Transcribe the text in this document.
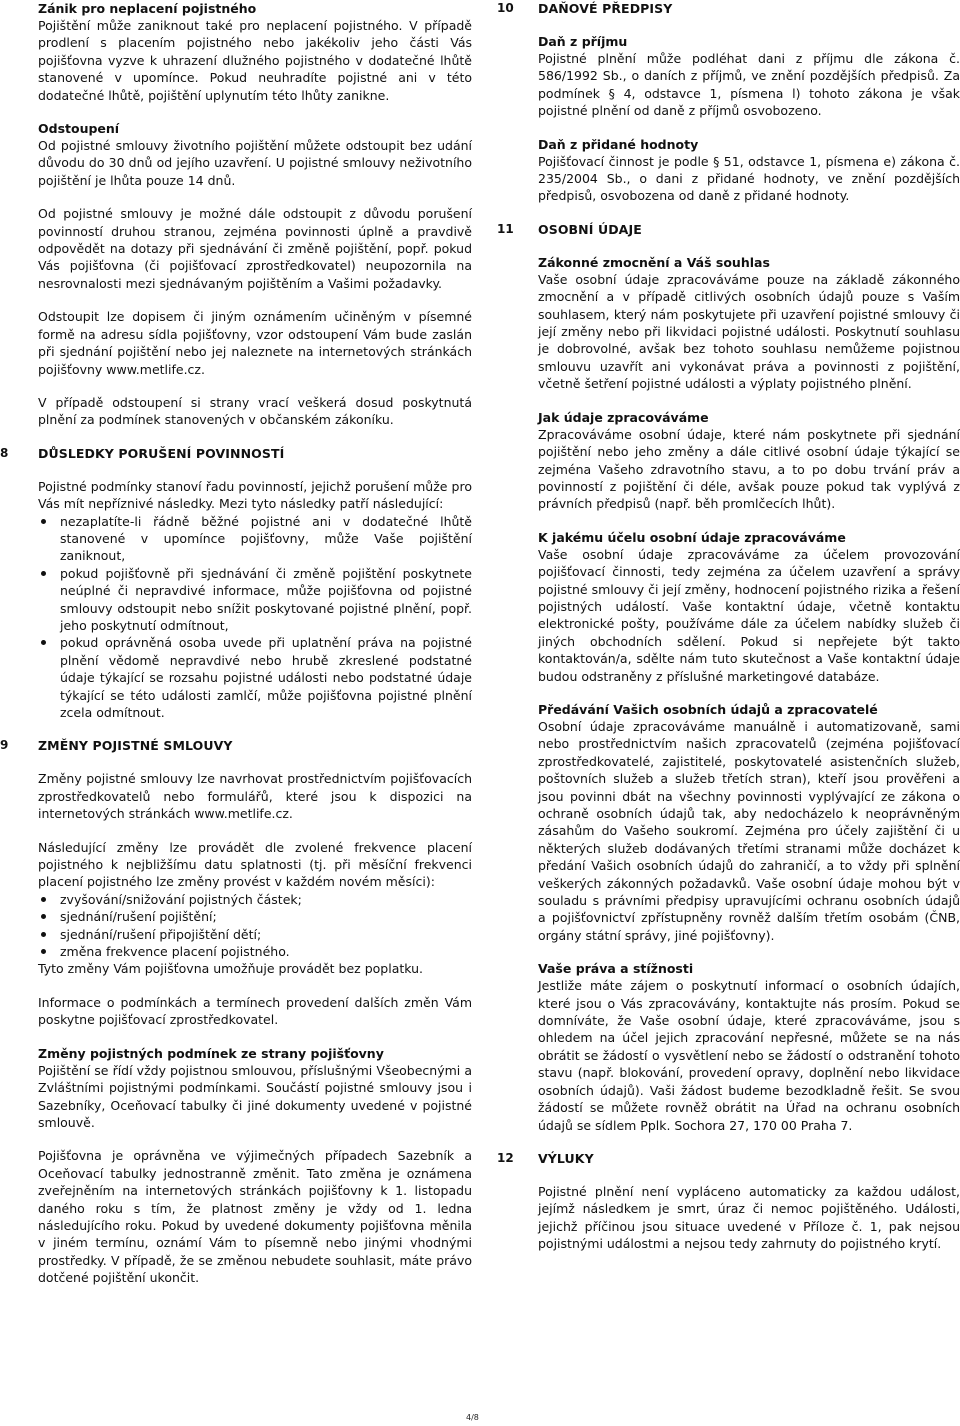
Zánik pro neplacení pojistného

Pojištění může zaniknout také pro neplacení pojistného. V případě prodlení s placením pojistného nebo jakékoliv jeho části Vás pojišťovna vyzve k uhrazení dlužného pojistného v dodatečné lhůtě stanovené v upomínce. Pokud neuhradíte pojistné ani v této dodatečné lhůtě, pojištění uplynutím této lhůty zanikne.

Odstoupení

Od pojistné smlouvy životního pojištění můžete odstoupit bez udání důvodu do 30 dnů od jejího uzavření. U pojistné smlouvy neživotního pojištění je lhůta pouze 14 dnů.

Od pojistné smlouvy je možné dále odstoupit z důvodu porušení povinností druhou stranou, zejména povinnosti úplně a pravdivě odpovědět na dotazy při sjednávání či změně pojištění, popř. pokud Vás pojišťovna (či pojišťovací zprostředkovatel) neupozornila na nesrovnalosti mezi sjednávaným pojištěním a Vašimi požadavky.

Odstoupit lze dopisem či jiným oznámením učiněným v písemné formě na adresu sídla pojišťovny, vzor odstoupení Vám bude zaslán při sjednání pojištění nebo jej naleznete na internetových stránkách pojišťovny www.metlife.cz.

V případě odstoupení si strany vrací veškerá dosud poskytnutá plnění za podmínek stanovených v občanském zákoníku.

8 DŮSLEDKY PORUŠENÍ POVINNOSTÍ

Pojistné podmínky stanoví řadu povinností, jejichž porušení může pro Vás mít nepříznivé následky. Mezi tyto následky patří následující:

nezaplatíte-li řádně běžné pojistné ani v dodatečné lhůtě stanovené v upomínce pojišťovny, může Vaše pojištění zaniknout,
pokud pojišťovně při sjednávání či změně pojištění poskytnete neúplné či nepravdivé informace, může pojišťovna od pojistné smlouvy odstoupit nebo snížit poskytované pojistné plnění, popř. jeho poskytnutí odmítnout,
pokud oprávněná osoba uvede při uplatnění práva na pojistné plnění vědomě nepravdivé nebo hrubě zkreslené podstatné údaje týkající se rozsahu pojistné události nebo podstatné údaje týkající se této události zamlčí, může pojišťovna pojistné plnění zcela odmítnout.
9 ZMĚNY POJISTNÉ SMLOUVY

Změny pojistné smlouvy lze navrhovat prostřednictvím pojišťovacích zprostředkovatelů nebo formulářů, které jsou k dispozici na internetových stránkách www.metlife.cz.

Následující změny lze provádět dle zvolené frekvence placení pojistného k nejbližšímu datu splatnosti (tj. při měsíční frekvenci placení pojistného lze změny provést v každém novém měsíci):

zvyšování/snižování pojistných částek;
sjednání/rušení pojištění;
sjednání/rušení připojištění dětí;
změna frekvence placení pojistného.

Tyto změny Vám pojišťovna umožňuje provádět bez poplatku.

Informace o podmínkách a termínech provedení dalších změn Vám poskytne pojišťovací zprostředkovatel.

Změny pojistných podmínek ze strany pojišťovny

Pojištění se řídí vždy pojistnou smlouvou, příslušnými Všeobecnými a Zvláštními pojistnými podmínkami. Součástí pojistné smlouvy jsou i Sazebníky, Oceňovací tabulky či jiné dokumenty uvedené v pojistné smlouvě.

Pojišťovna je oprávněna ve výjimečných případech Sazebník a Oceňovací tabulky jednostranně změnit. Tato změna je oznámena zveřejněním na internetových stránkách pojišťovny k 1. listopadu daného roku s tím, že platnost změny je vždy od 1. ledna následujícího roku. Pokud by uvedené dokumenty pojišťovna měnila v jiném termínu, oznámí Vám to písemně nebo jinými vhodnými prostředky. V případě, že se změnou nebudete souhlasit, máte právo dotčené pojištění ukončit.

10 DAŇOVÉ PŘEDPISY

Daň z příjmu

Pojistné plnění může podléhat dani z příjmu dle zákona č. 586/1992 Sb., o daních z příjmů, ve znění pozdějších předpisů. Za podmínek § 4, odstavce 1, písmena l) tohoto zákona je však pojistné plnění od daně z příjmů osvobozeno.

Daň z přidané hodnoty

Pojišťovací činnost je podle § 51, odstavce 1, písmena e) zákona č. 235/2004 Sb., o dani z přidané hodnoty, ve znění pozdějších předpisů, osvobozena od daně z přidané hodnoty.

11 OSOBNÍ ÚDAJE

Zákonné zmocnění a Váš souhlas

Vaše osobní údaje zpracováváme pouze na základě zákonného zmocnění a v případě citlivých osobních údajů pouze s Vaším souhlasem, který nám poskytujete při uzavření pojistné smlouvy či její změny nebo při likvidaci pojistné události. Poskytnutí souhlasu je dobrovolné, avšak bez tohoto souhlasu nemůžeme pojistnou smlouvu uzavřít ani vykonávat práva a povinnosti z pojištění, včetně šetření pojistné události a výplaty pojistného plnění.

Jak údaje zpracováváme

Zpracováváme osobní údaje, které nám poskytnete při sjednání pojištění nebo jeho změny a dále citlivé osobní údaje týkající se zejména Vašeho zdravotního stavu, a to po dobu trvání práv a povinností z pojištění či déle, avšak pouze pokud tak vyplývá z právních předpisů (např. běh promlčecích lhůt).

K jakému účelu osobní údaje zpracováváme

Vaše osobní údaje zpracováváme za účelem provozování pojišťovací činnosti, tedy zejména za účelem uzavření a správy pojistné smlouvy či její změny, hodnocení pojistného rizika a řešení pojistných událostí. Vaše kontaktní údaje, včetně kontaktu elektronické pošty, používáme dále za účelem nabídky služeb či jiných obchodních sdělení. Pokud si nepřejete být takto kontaktován/a, sdělte nám tuto skutečnost a Vaše kontaktní údaje budou odstraněny z příslušné marketingové databáze.

Předávání Vašich osobních údajů a zpracovatelé

Osobní údaje zpracováváme manuálně i automatizovaně, sami nebo prostřednictvím našich zpracovatelů (zejména pojišťovací zprostředkovatelé, zajistitelé, poskytovatelé asistenčních služeb, poštovních služeb a služeb třetích stran), kteří jsou prověřeni a jsou povinni dbát na všechny povinnosti vyplývající ze zákona o ochraně osobních údajů tak, aby nedocházelo k neoprávněným zásahům do Vašeho soukromí. Zejména pro účely zajištění či u některých služeb dodávaných třetími stranami může docházet k předání Vašich osobních údajů do zahraničí, a to vždy při splnění veškerých zákonných požadavků. Vaše osobní údaje mohou být v souladu s právními předpisy upravujícími ochranu osobních údajů a pojišťovnictví zpřístupněny rovněž dalším třetím osobám (ČNB, orgány státní správy, jiné pojišťovny).

Vaše práva a stížnosti

Jestliže máte zájem o poskytnutí informací o osobních údajích, které jsou o Vás zpracovávány, kontaktujte nás prosím. Pokud se domníváte, že Vaše osobní údaje, které zpracováváme, jsou s ohledem na účel jejich zpracování nepřesné, můžete se na nás obrátit se žádostí o vysvětlení nebo se žádostí o odstranění tohoto stavu (např. blokování, provedení opravy, doplnění nebo likvidace osobních údajů). Vaši žádost budeme bezodkladně řešit. Se svou žádostí se můžete rovněž obrátit na Úřad na ochranu osobních údajů se sídlem Pplk. Sochora 27, 170 00 Praha 7.

12 VÝLUKY

Pojistné plnění není vypláceno automaticky za každou událost, jejímž následkem je smrt, úraz či nemoc pojištěného. Události, jejichž příčinou jsou situace uvedené v Příloze č. 1, pak nejsou pojistnými událostmi a nejsou tedy zahrnuty do pojistného krytí.

4/8
